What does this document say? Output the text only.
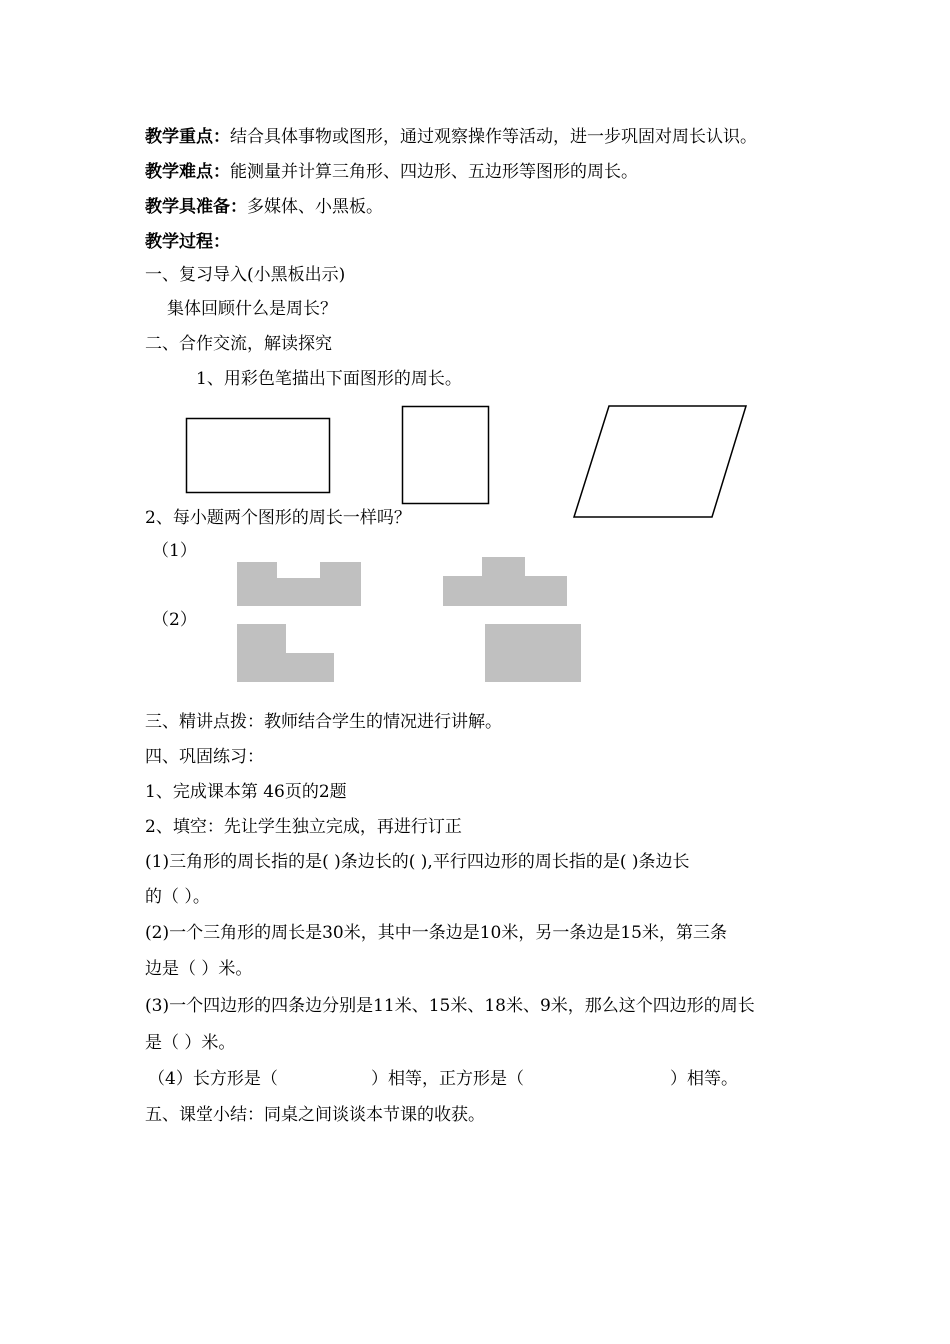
教学重点：结合具体事物或图形，通过观察操作等活动，进一步巩固对周长认识。
教学难点：能测量并计算三角形、四边形、五边形等图形的周长。
教学具准备：多媒体、小黑板。
教学过程：
一、复习导入(小黑板出示)
集体回顾什么是周长？
二、合作交流，解读探究
1、用彩色笔描出下面图形的周长。
2、每小题两个图形的周长一样吗？
（1）
（2）
三、精讲点拨：教师结合学生的情况进行讲解。
四、巩固练习：
1、完成课本第 46页的2题
2、填空：先让学生独立完成，再进行订正
(1)三角形的周长指的是( )条边长的( ),平行四边形的周长指的是( )条边长
的（ ）。
(2)一个三角形的周长是30米，其中一条边是10米，另一条边是15米，第三条
边是（ ）米。
(3)一个四边形的四条边分别是11米、15米、18米、9米，那么这个四边形的周长
是（ ）米。
（4）长方形是（	）相等，正方形是（	）相等。
五、课堂小结：同桌之间谈谈本节课的收获。
